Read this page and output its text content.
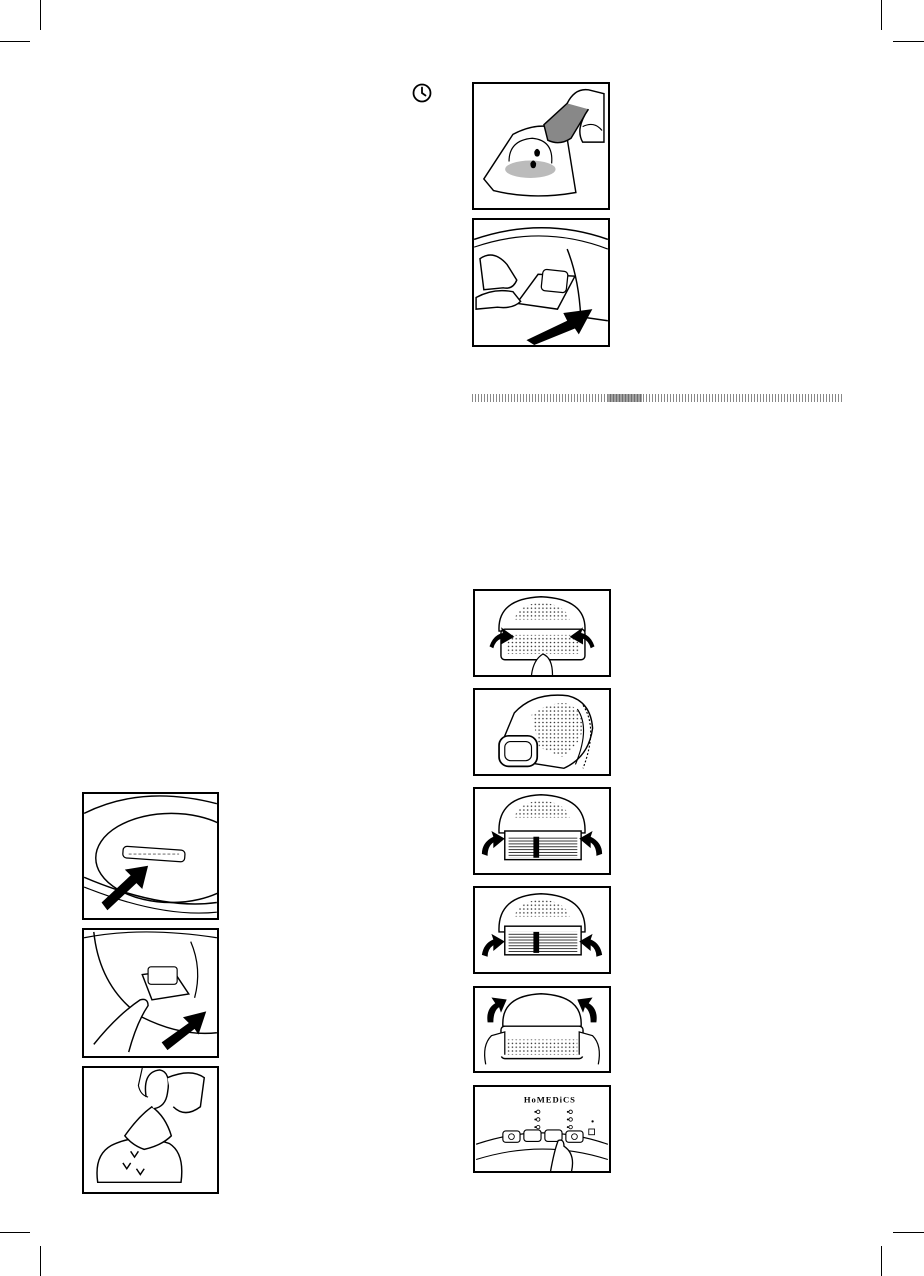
HoMEDiCS
